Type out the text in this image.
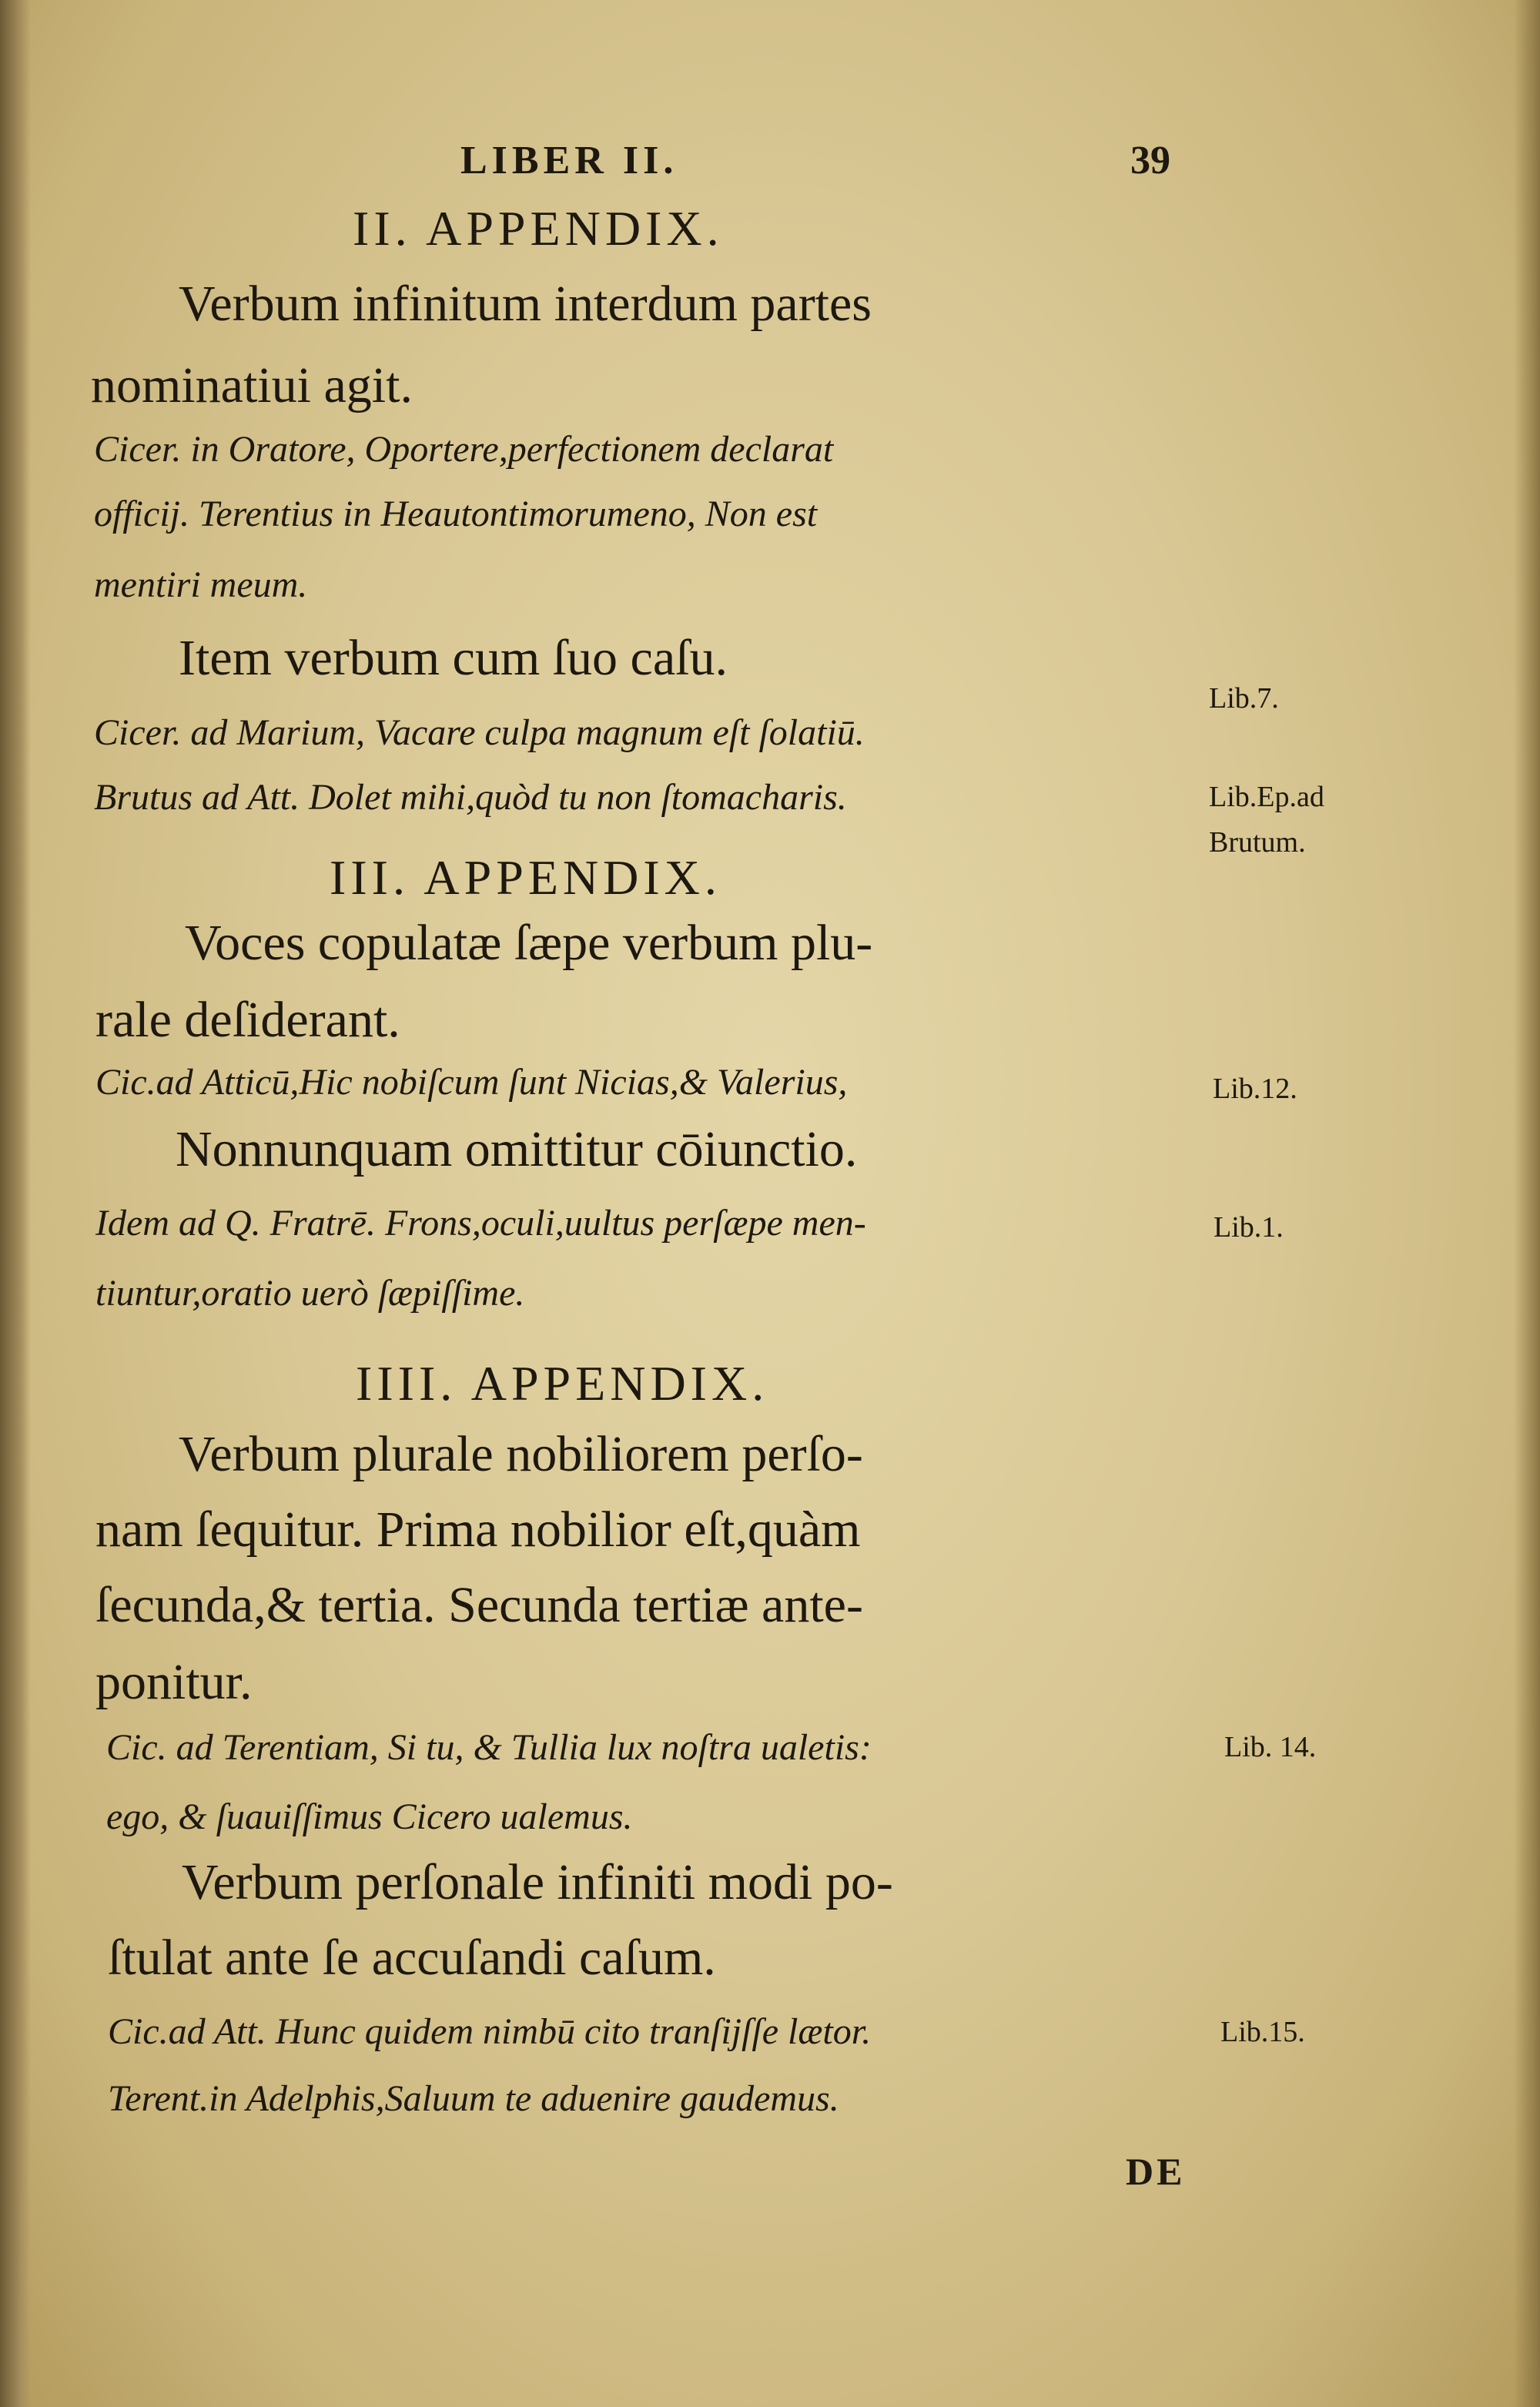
LIBER II.	39
II. APPENDIX.
Verbum infinitum interdum partes
nominatiui agit.
Cicer. in Oratore, Oportere,perfectionem declarat
officij. Terentius in Heautontimorumeno, Non est
mentiri meum.
Item verbum cum ſuo caſu.
Cicer. ad Marium, Vacare culpa magnum eſt ſolatiū.
Brutus ad Att. Dolet mihi,quòd tu non ſtomacharis.
III. APPENDIX.
Voces copulatæ ſæpe verbum plu-
rale deſiderant.
Cic.ad Atticū,Hic nobiſcum ſunt Nicias,& Valerius,
Nonnunquam omittitur cōiunctio.
Idem ad Q. Fratrē. Frons,oculi,uultus perſæpe men-
tiuntur,oratio uerò ſæpiſſime.
IIII. APPENDIX.
Verbum plurale nobiliorem perſo-
nam ſequitur. Prima nobilior eſt,quàm
ſecunda,& tertia. Secunda tertiæ ante-
ponitur.
Cic. ad Terentiam, Si tu, & Tullia lux noſtra ualetis:
ego, & ſuauiſſimus Cicero ualemus.
Verbum perſonale infiniti modi po-
ſtulat ante ſe accuſandi caſum.
Cic.ad Att. Hunc quidem nimbū cito tranſijſſe lætor.
Terent.in Adelphis,Saluum te aduenire gaudemus.
Lib.7.
Lib.Ep.ad
Brutum.
Lib.12.
Lib.1.
Lib. 14.
Lib.15.
DE
